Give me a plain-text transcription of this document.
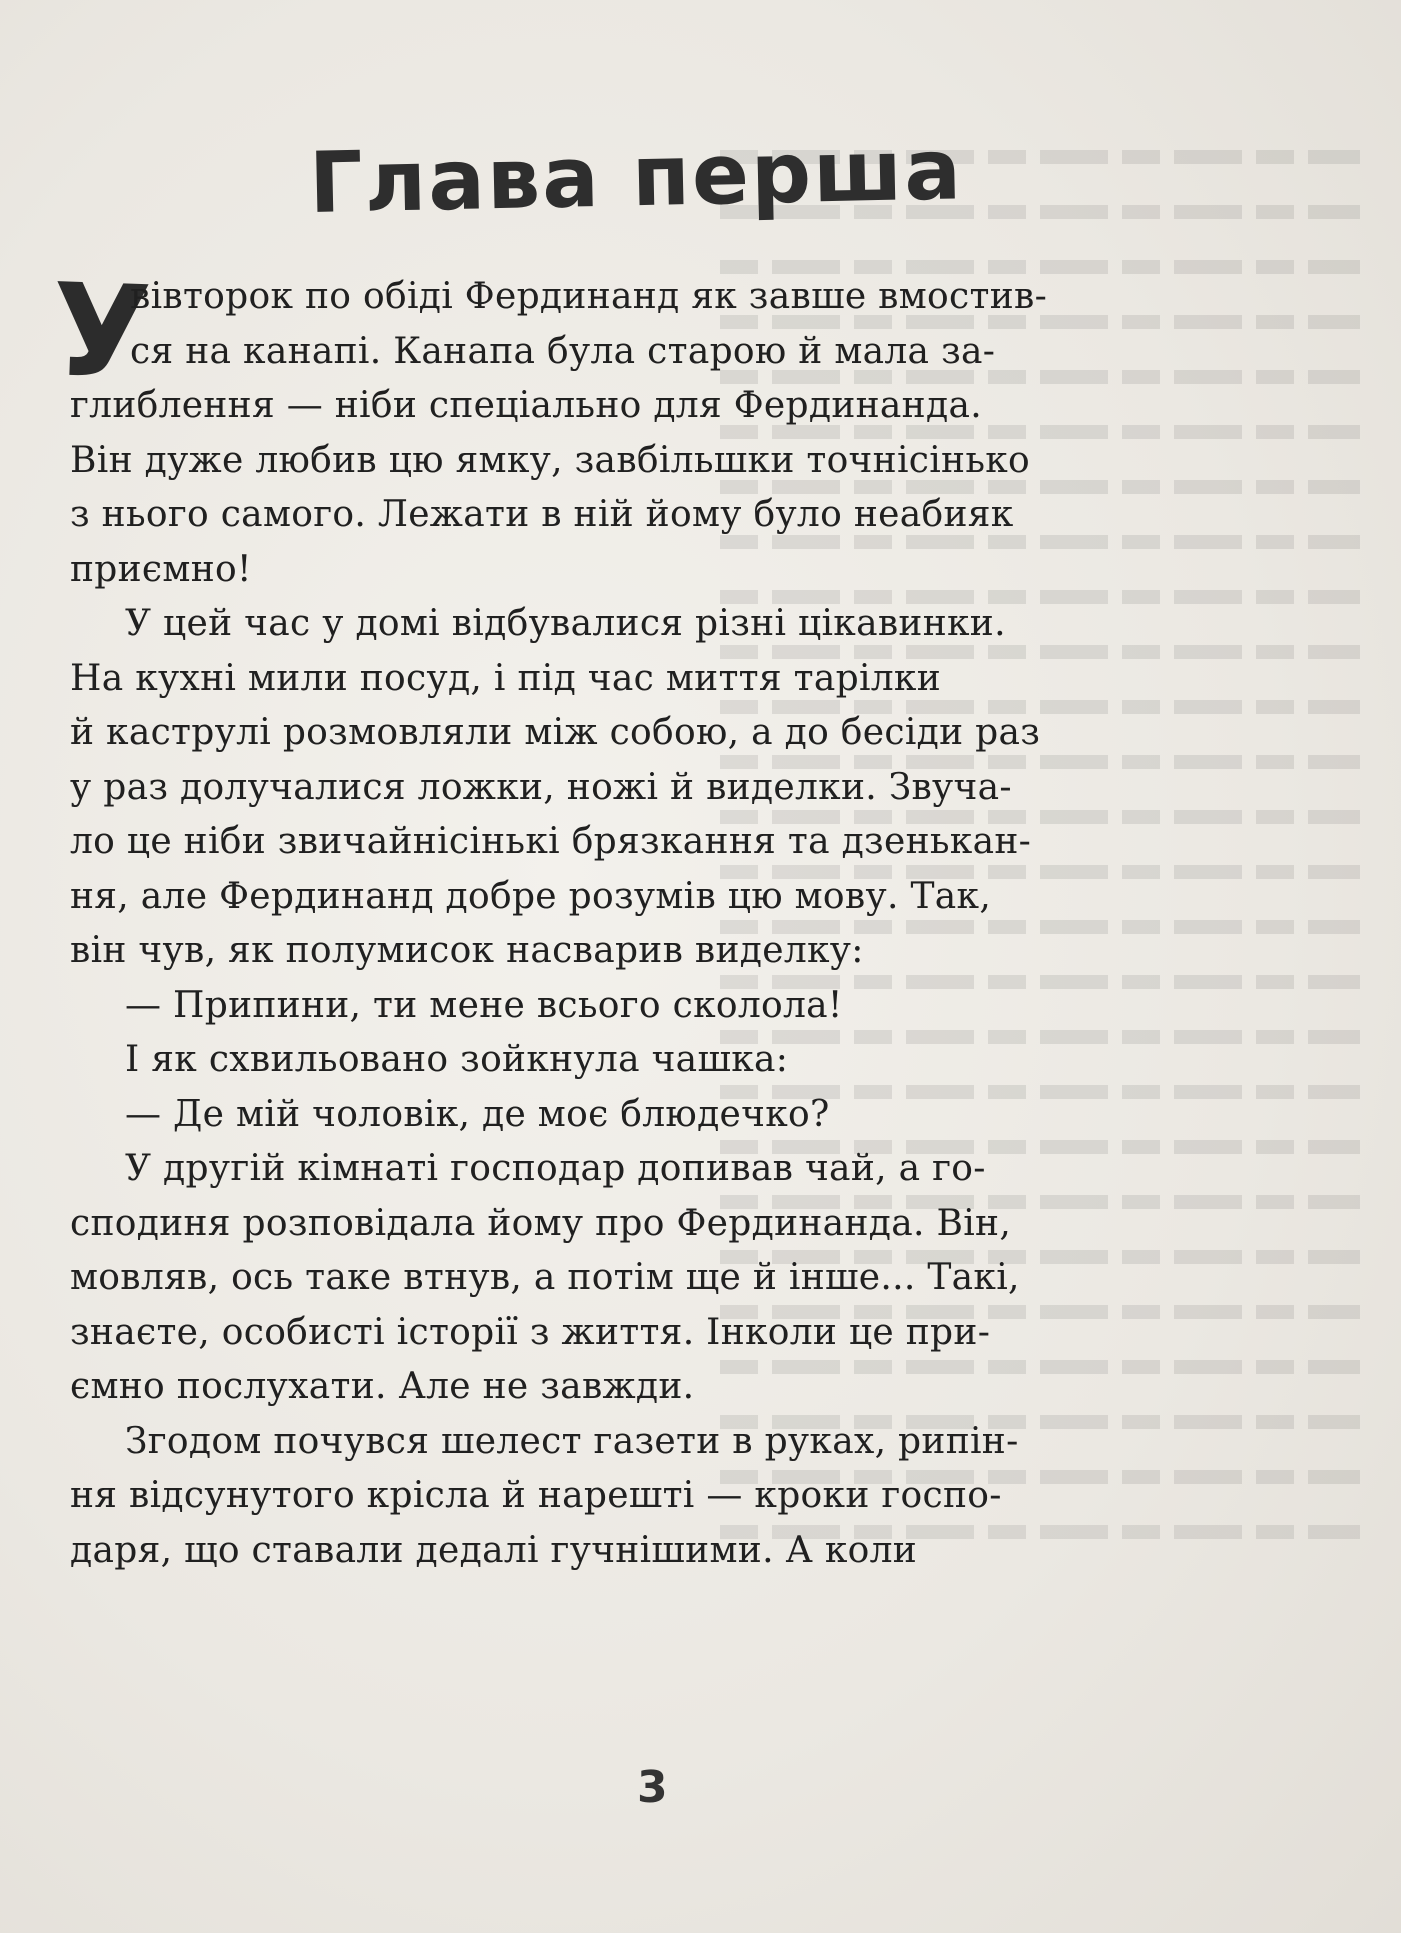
Глава перша
У

вівторок по обіді Фердинанд як завше вмостив-

ся на канапі. Канапа була старою й мала за-

глиблення — ніби спеціально для Фердинанда.

Він дуже любив цю ямку, завбільшки точнісінько

з нього самого. Лежати в ній йому було неабияк

приємно!

У цей час у домі відбувалися різні цікавинки.

На кухні мили посуд, і під час миття тарілки

й каструлі розмовляли між собою, а до бесіди раз

у раз долучалися ложки, ножі й виделки. Звуча-

ло це ніби звичайнісінькі брязкання та дзенькан-

ня, але Фердинанд добре розумів цю мову. Так,

він чув, як полумисок насварив виделку:

— Припини, ти мене всього сколола!

І як схвильовано зойкнула чашка:

— Де мій чоловік, де моє блюдечко?

У другій кімнаті господар допивав чай, а го-

сподиня розповідала йому про Фердинанда. Він,

мовляв, ось таке втнув, а потім ще й інше... Такі,

знаєте, особисті історії з життя. Інколи це при-

ємно послухати. Але не завжди.

Згодом почувся шелест газети в руках, рипін-

ня відсунутого крісла й нарешті — кроки госпо-

даря, що ставали дедалі гучнішими. А коли

3
